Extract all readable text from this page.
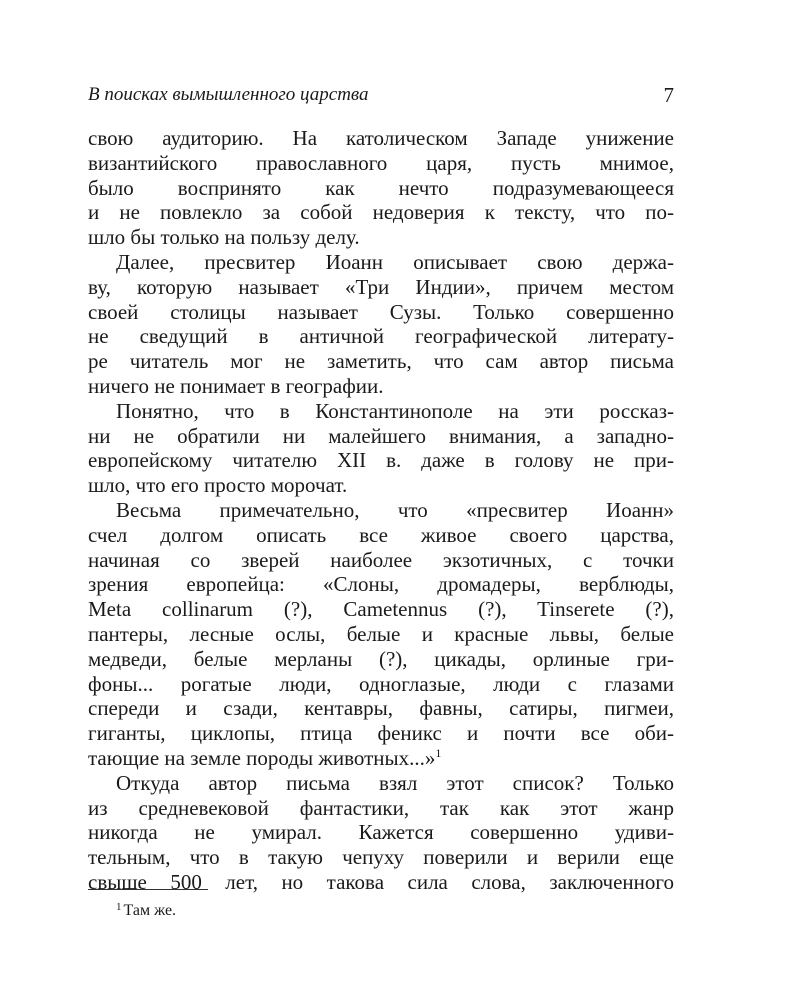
В поисках вымышленного царства	7
свою аудиторию. На католическом Западе унижение
византийского православного царя, пусть мнимое,
было воспринято как нечто подразумевающееся
и не повлекло за собой недоверия к тексту, что по-
шло бы только на пользу делу.
Далее, пресвитер Иоанн описывает свою держа-
ву, которую называет «Три Индии», причем местом
своей столицы называет Сузы. Только совершенно
не сведущий в античной географической литерату-
ре читатель мог не заметить, что сам автор письма
ничего не понимает в географии.
Понятно, что в Константинополе на эти россказ-
ни не обратили ни малейшего внимания, а западно-
европейскому читателю XII в. даже в голову не при-
шло, что его просто морочат.
Весьма примечательно, что «пресвитер Иоанн»
счел долгом описать все живое своего царства,
начиная со зверей наиболее экзотичных, с точки
зрения европейца: «Слоны, дромадеры, верблюды,
Meta collinarum (?), Cametennus (?), Tinserete (?),
пантеры, лесные ослы, белые и красные львы, белые
медведи, белые мерланы (?), цикады, орлиные гри-
фоны... рогатые люди, одноглазые, люди с глазами
спереди и сзади, кентавры, фавны, сатиры, пигмеи,
гиганты, циклопы, птица феникс и почти все оби-
тающие на земле породы животных...»$^1$
Откуда автор письма взял этот список? Только
из средневековой фантастики, так как этот жанр
никогда не умирал. Кажется совершенно удиви-
тельным, что в такую чепуху поверили и верили еще
свыше 500 лет, но такова сила слова, заключенного
$^1$ Там же.
